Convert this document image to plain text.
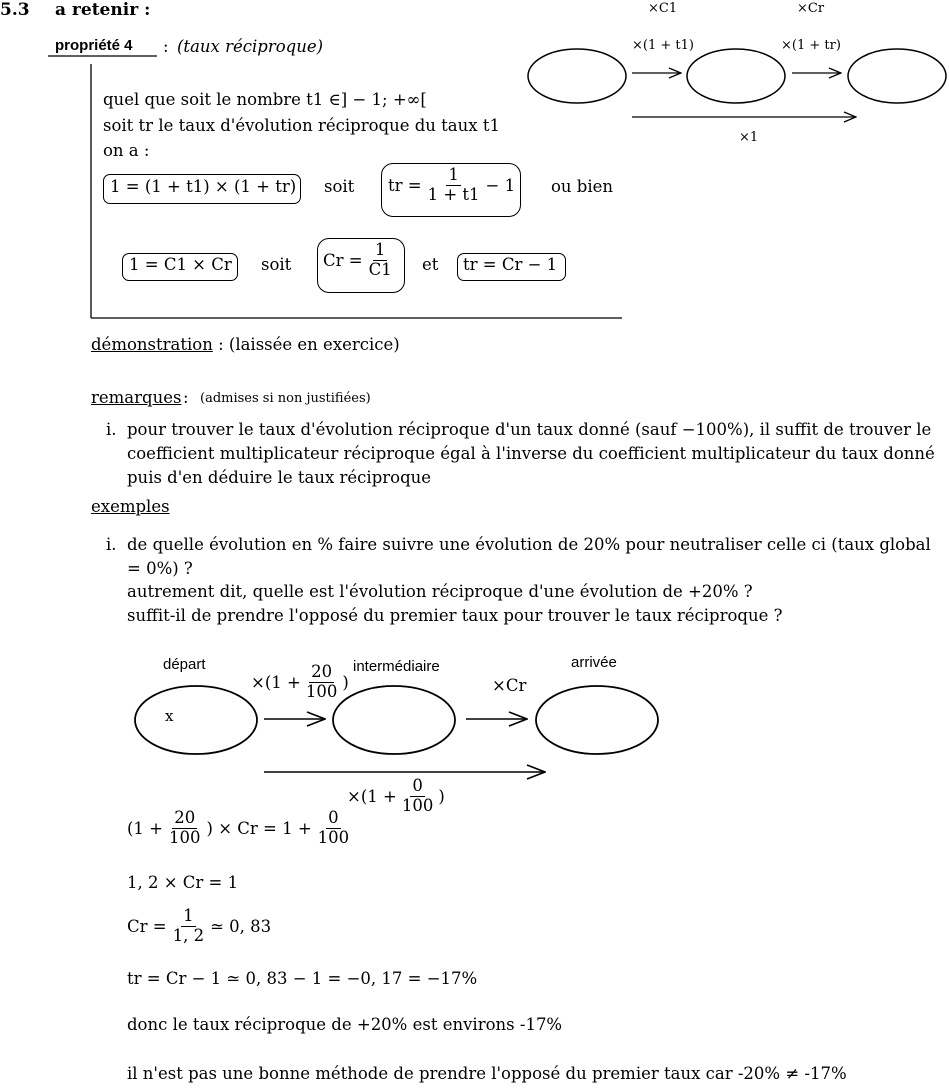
5.3 a retenir :
propriété 4 : (taux réciproque)
quel que soit le nombre t1 ∈] − 1; +∞[
soit tr le taux d'évolution réciproque du taux t1
on a :
1 = (1 + t1) × (1 + tr) soit tr = $\frac{1}{1 + t1} - 1$ ou bien
1 = C1 × Cr soit $Cr = \frac{1}{C1}$ et tr = Cr − 1
×C1	×Cr
×(1 + t1)	×(1 + tr)
×1
démonstration : (laissée en exercice)
remarques : (admises si non justifiées)
i. pour trouver le taux d'évolution réciproque d'un taux donné (sauf −100%), il suffit de trouver le
coefficient multiplicateur réciproque égal à l'inverse du coefficient multiplicateur du taux donné
puis d'en déduire le taux réciproque
exemples
i. de quelle évolution en % faire suivre une évolution de 20% pour neutraliser celle ci (taux global
= 0%) ?
autrement dit, quelle est l'évolution réciproque d'une évolution de +20% ?
suffit-il de prendre l'opposé du premier taux pour trouver le taux réciproque ?
départ	intermédiaire	arrivée
x
$\times(1 + \frac{20}{100}$ )	×Cr
$\times(1 + \frac{0}{100}$ )
($1 + \frac{20}{100}$ ) × $Cr = 1 + \frac{0}{100}$
1, 2 × Cr = 1
$Cr = \frac{1}{1, 2}$ ≃ 0, 83
tr = Cr − 1 ≃ 0, 83 − 1 = −0, 17 = −17%
donc le taux réciproque de +20% est environs -17%
il n'est pas une bonne méthode de prendre l'opposé du premier taux car -20% ≠ -17%
